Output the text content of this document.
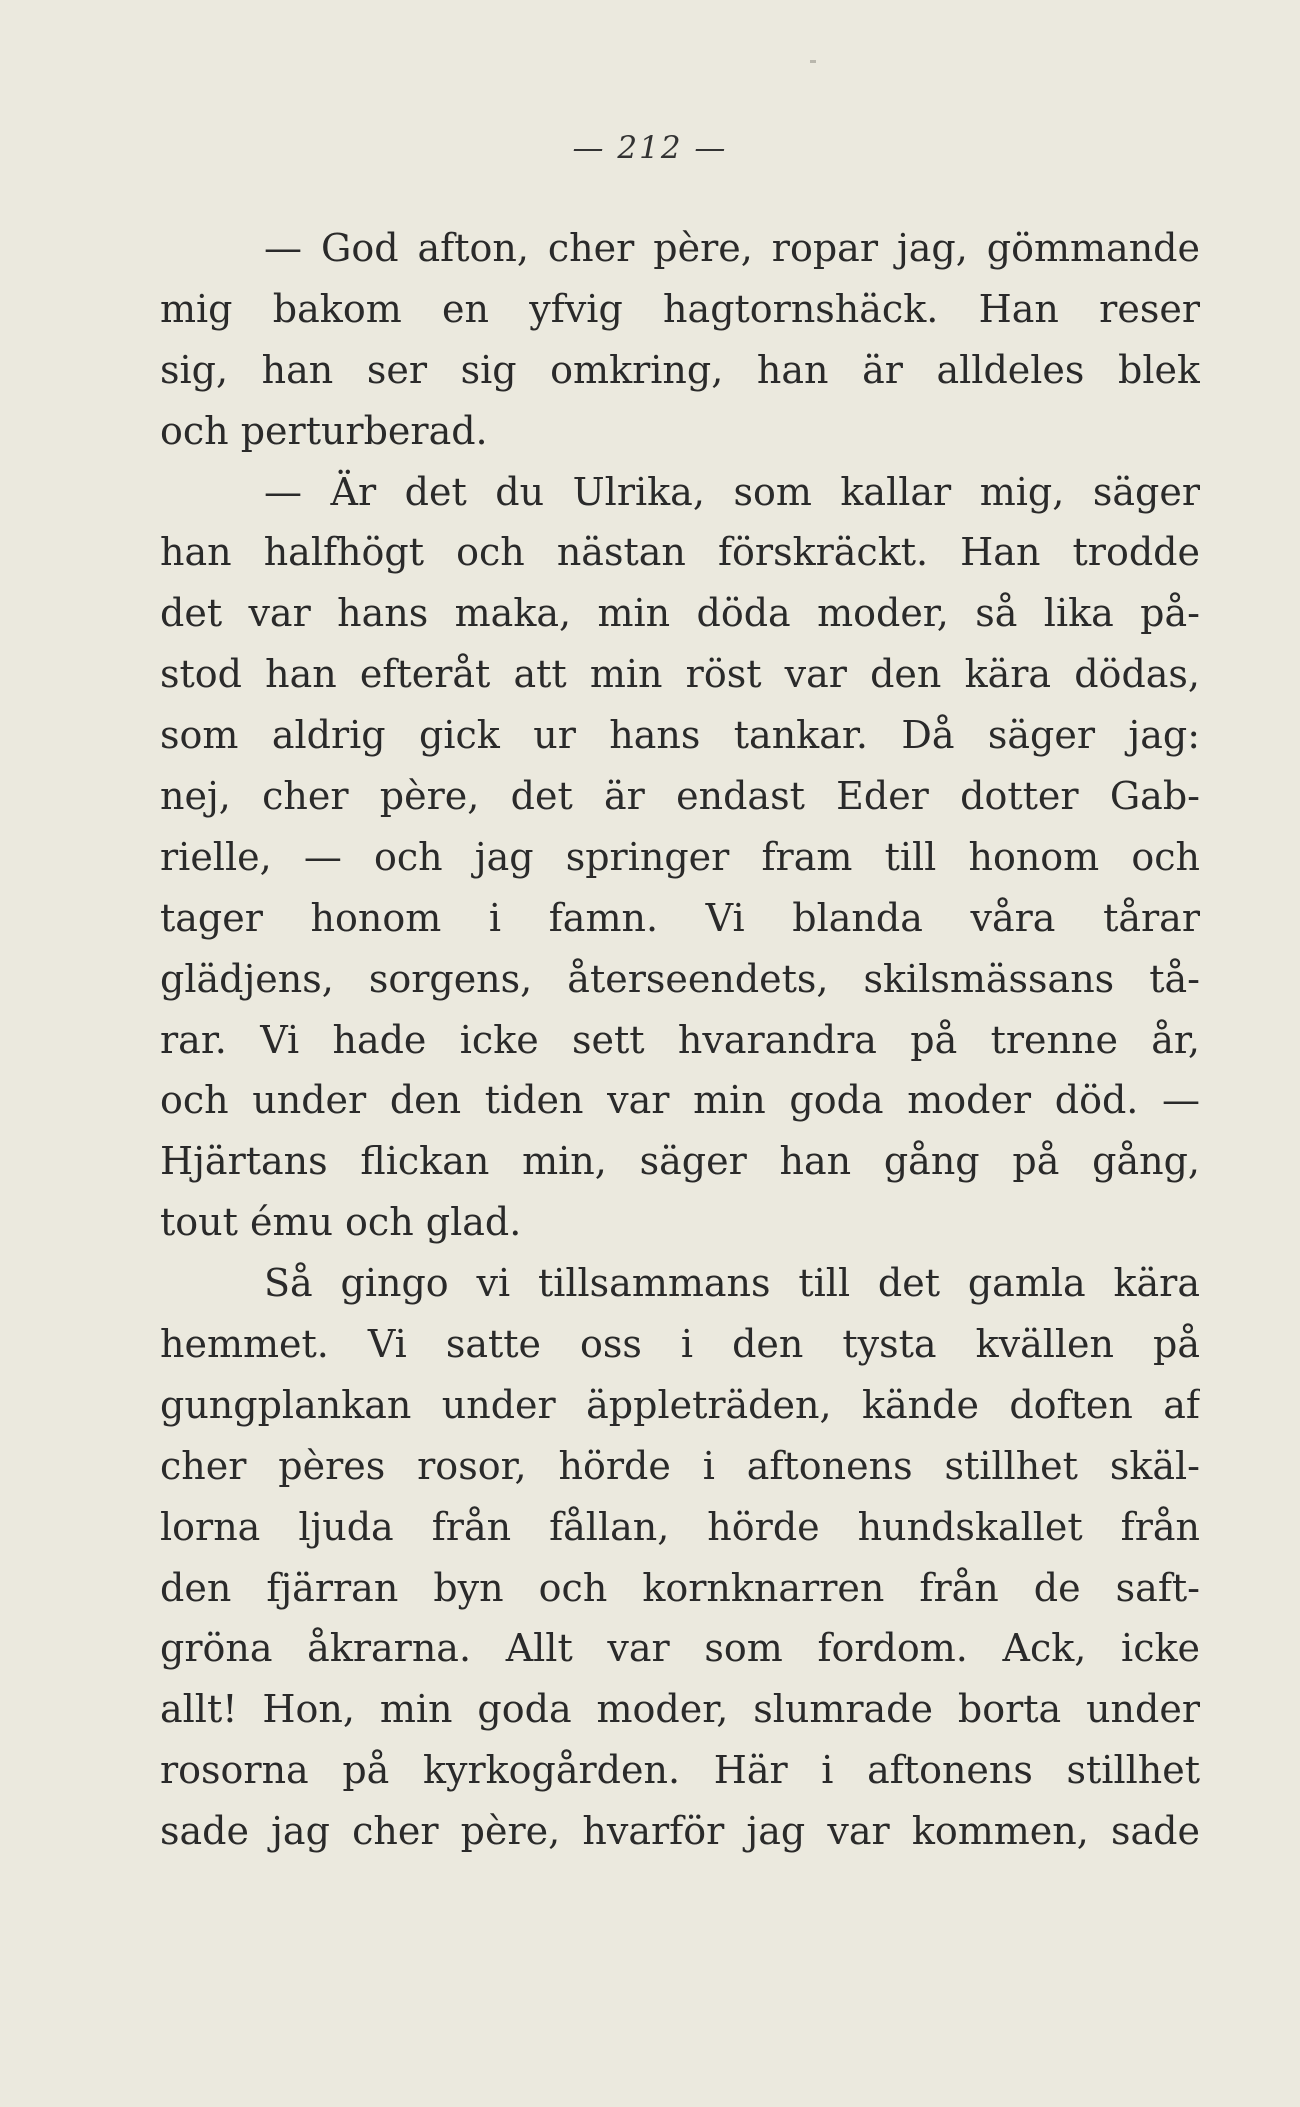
— 212 —
— God afton, cher père, ropar jag, gömmande
mig bakom en yfvig hagtornshäck. Han reser
sig, han ser sig omkring, han är alldeles blek
och perturberad.
— Är det du Ulrika, som kallar mig, säger
han halfhögt och nästan förskräckt. Han trodde
det var hans maka, min döda moder, så lika på-
stod han efteråt att min röst var den kära dödas,
som aldrig gick ur hans tankar. Då säger jag:
nej, cher père, det är endast Eder dotter Gab-
rielle, — och jag springer fram till honom och
tager honom i famn. Vi blanda våra tårar
glädjens, sorgens, återseendets, skilsmässans tå-
rar. Vi hade icke sett hvarandra på trenne år,
och under den tiden var min goda moder död. —
Hjärtans flickan min, säger han gång på gång,
tout ému och glad.
Så gingo vi tillsammans till det gamla kära
hemmet. Vi satte oss i den tysta kvällen på
gungplankan under äppleträden, kände doften af
cher pères rosor, hörde i aftonens stillhet skäl-
lorna ljuda från fållan, hörde hundskallet från
den fjärran byn och kornknarren från de saft-
gröna åkrarna. Allt var som fordom. Ack, icke
allt! Hon, min goda moder, slumrade borta under
rosorna på kyrkogården. Här i aftonens stillhet
sade jag cher père, hvarför jag var kommen, sade
